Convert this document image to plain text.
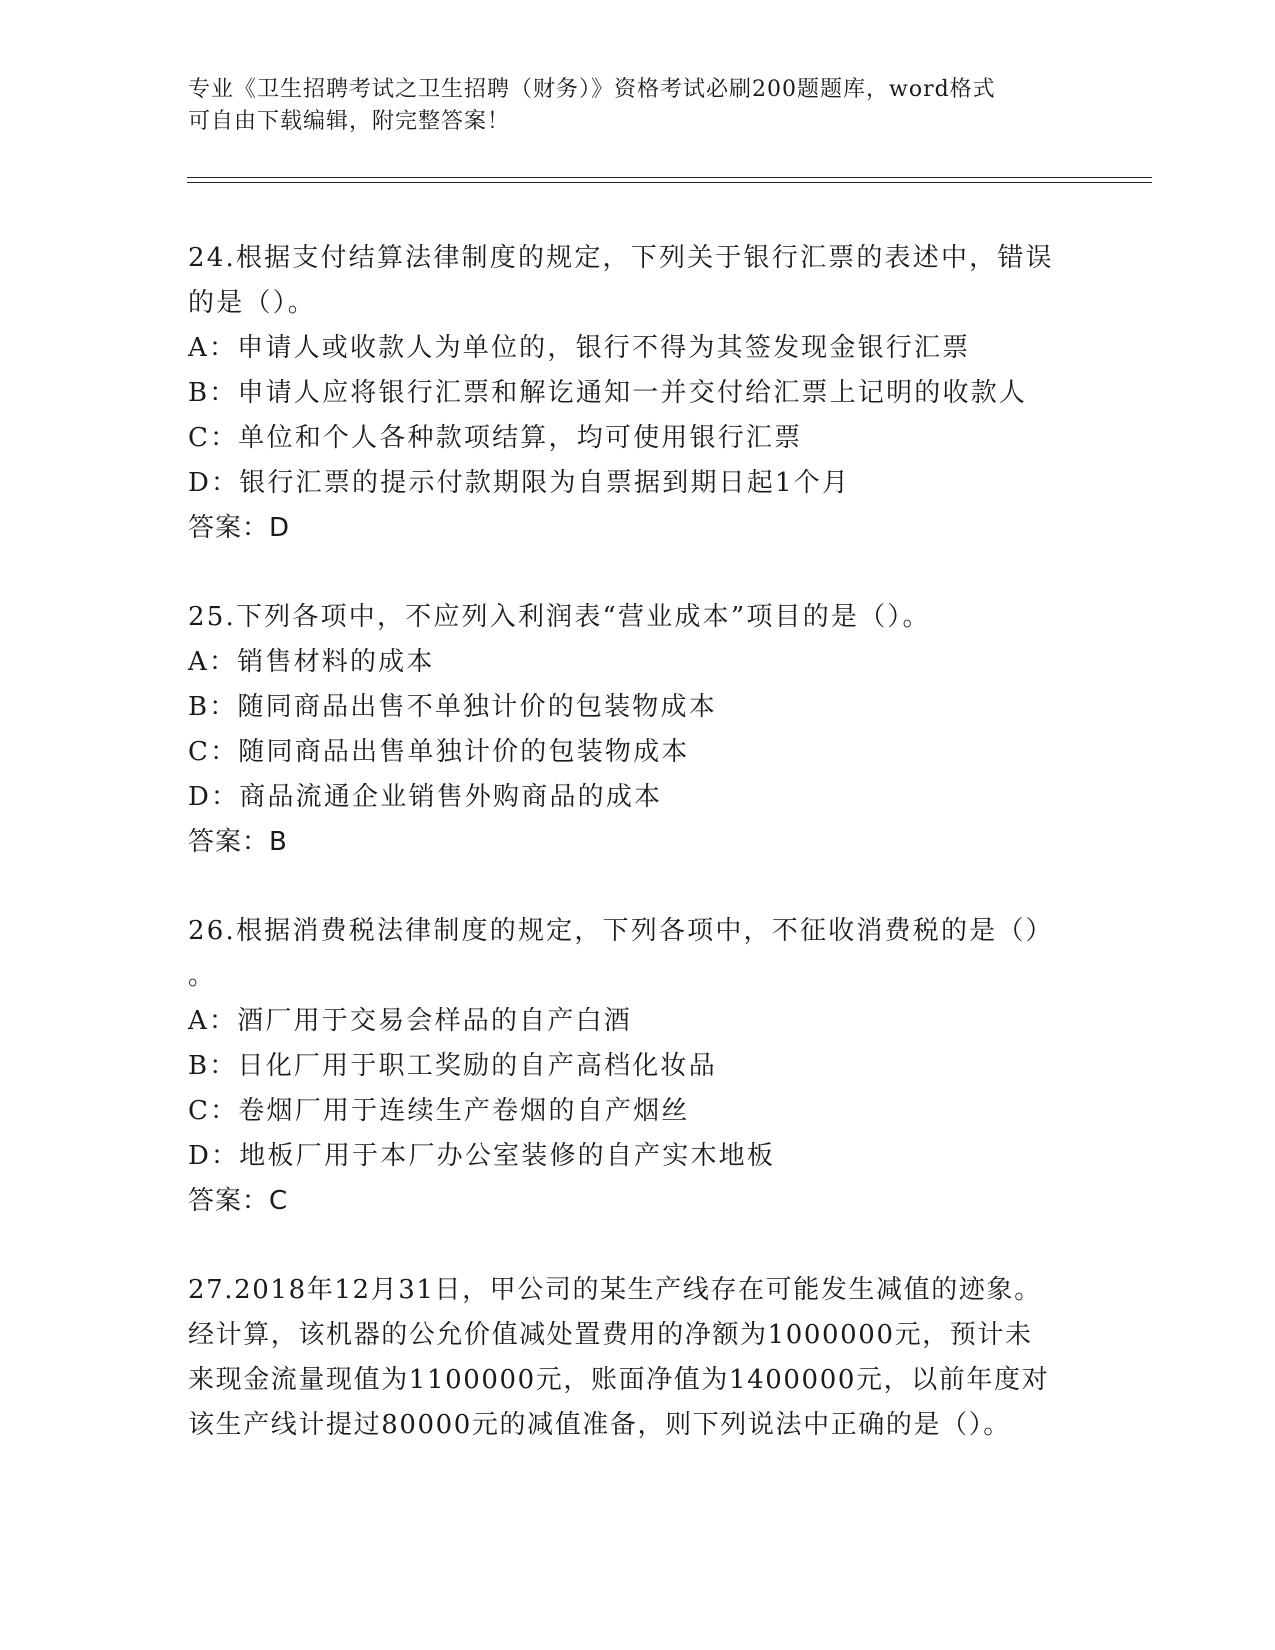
专业《卫生招聘考试之卫生招聘（财务）》资格考试必刷200题题库，word格式
可自由下载编辑，附完整答案！
24.根据支付结算法律制度的规定，下列关于银行汇票的表述中，错误
的是（）。
A：申请人或收款人为单位的，银行不得为其签发现金银行汇票
B：申请人应将银行汇票和解讫通知一并交付给汇票上记明的收款人
C：单位和个人各种款项结算，均可使用银行汇票
D：银行汇票的提示付款期限为自票据到期日起1个月
答案：D
25.下列各项中，不应列入利润表“营业成本”项目的是（）。
A：销售材料的成本
B：随同商品出售不单独计价的包装物成本
C：随同商品出售单独计价的包装物成本
D：商品流通企业销售外购商品的成本
答案：B
26.根据消费税法律制度的规定，下列各项中，不征收消费税的是（）
。
A：酒厂用于交易会样品的自产白酒
B：日化厂用于职工奖励的自产高档化妆品
C：卷烟厂用于连续生产卷烟的自产烟丝
D：地板厂用于本厂办公室装修的自产实木地板
答案：C
27.2018年12月31日，甲公司的某生产线存在可能发生减值的迹象。
经计算，该机器的公允价值减处置费用的净额为1000000元，预计未
来现金流量现值为1100000元，账面净值为1400000元，以前年度对
该生产线计提过80000元的减值准备，则下列说法中正确的是（）。
